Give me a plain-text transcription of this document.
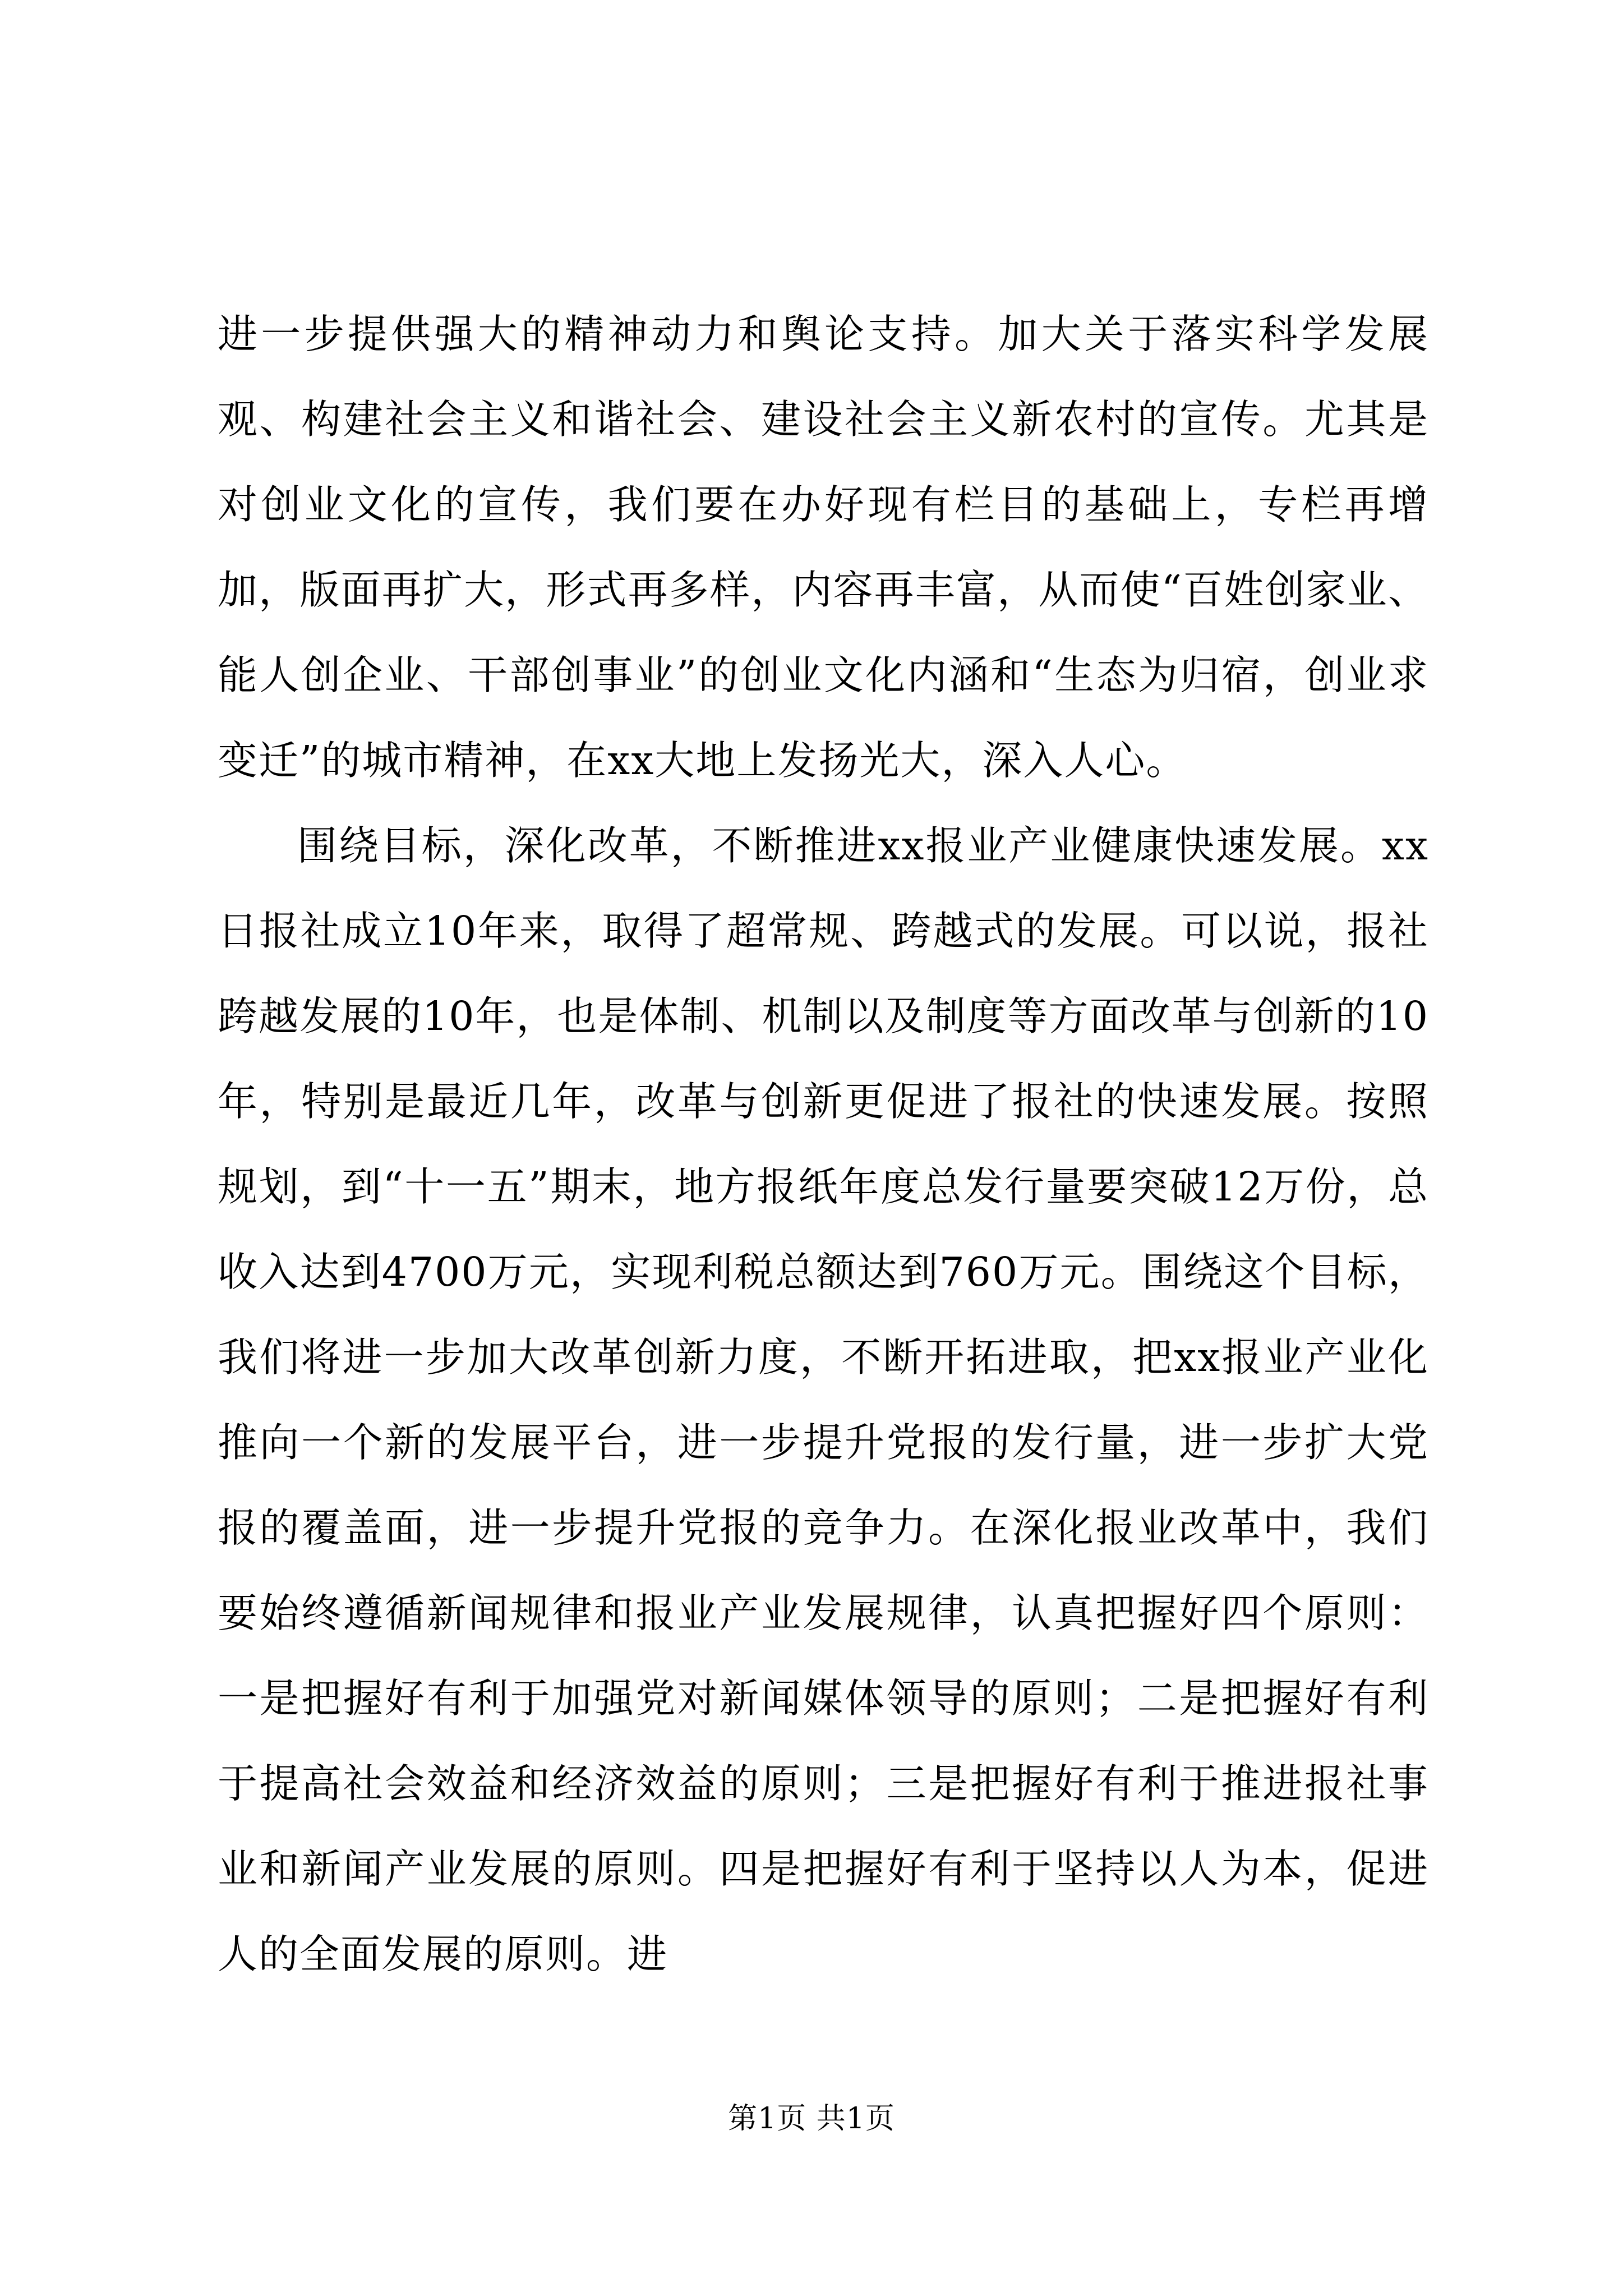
进一步提供强大的精神动力和舆论支持。加大关于落实科学发展观、构建社会主义和谐社会、建设社会主义新农村的宣传。尤其是对创业文化的宣传，我们要在办好现有栏目的基础上，专栏再增加，版面再扩大，形式再多样，内容再丰富，从而使“百姓创家业、能人创企业、干部创事业”的创业文化内涵和“生态为归宿，创业求变迁”的城市精神，在xx大地上发扬光大，深入人心。

围绕目标，深化改革，不断推进xx报业产业健康快速发展。xx日报社成立10年来，取得了超常规、跨越式的发展。可以说，报社跨越发展的10年，也是体制、机制以及制度等方面改革与创新的10年，特别是最近几年，改革与创新更促进了报社的快速发展。按照规划，到“十一五”期末，地方报纸年度总发行量要突破12万份，总收入达到4700万元，实现利税总额达到760万元。围绕这个目标，我们将进一步加大改革创新力度，不断开拓进取，把xx报业产业化推向一个新的发展平台，进一步提升党报的发行量，进一步扩大党报的覆盖面，进一步提升党报的竞争力。在深化报业改革中，我们要始终遵循新闻规律和报业产业发展规律，认真把握好四个原则：一是把握好有利于加强党对新闻媒体领导的原则；二是把握好有利于提高社会效益和经济效益的原则；三是把握好有利于推进报社事业和新闻产业发展的原则。四是把握好有利于坚持以人为本，促进人的全面发展的原则。进

第1页 共1页
